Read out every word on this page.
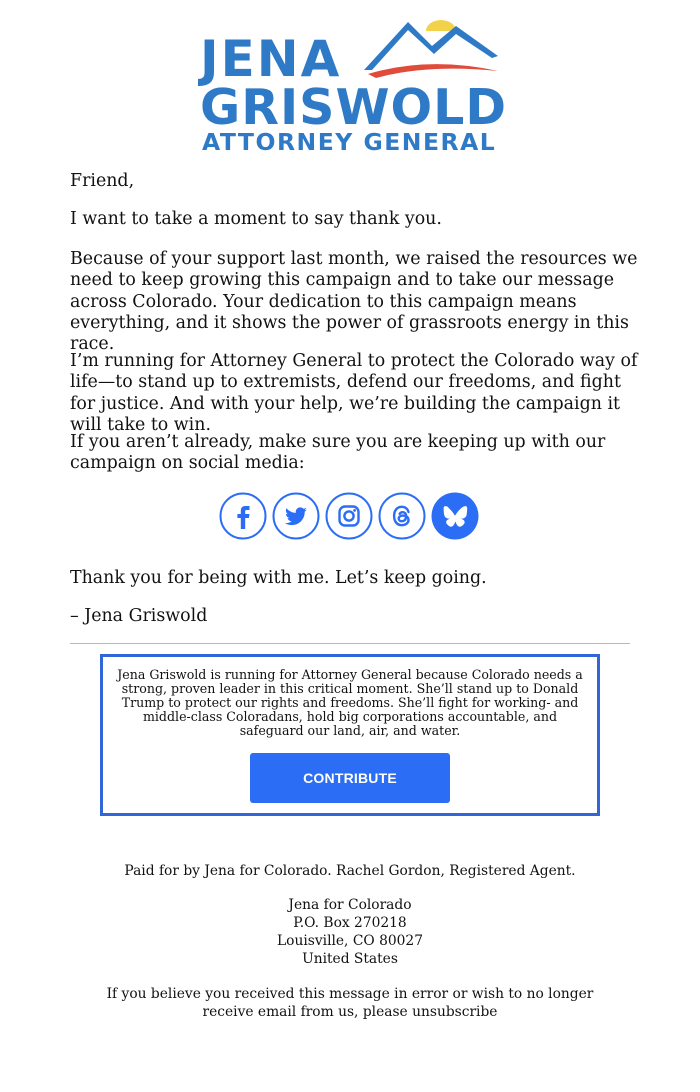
JENA
GRISWOLD
ATTORNEY GENERAL

Friend,

I want to take a moment to say thank you.

Because of your support last month, we raised the resources we need to keep growing this campaign and to take our message across Colorado. Your dedication to this campaign means everything, and it shows the power of grassroots energy in this race.

I’m running for Attorney General to protect the Colorado way of life—to stand up to extremists, defend our freedoms, and fight for justice. And with your help, we’re building the campaign it will take to win.

If you aren’t already, make sure you are keeping up with our campaign on social media:

Thank you for being with me. Let’s keep going.

– Jena Griswold

Jena Griswold is running for Attorney General because Colorado needs a strong, proven leader in this critical moment. She’ll stand up to Donald Trump to protect our rights and freedoms. She’ll fight for working- and middle-class Coloradans, hold big corporations accountable, and safeguard our land, air, and water.

CONTRIBUTE

Paid for by Jena for Colorado. Rachel Gordon, Registered Agent.

Jena for Colorado

P.O. Box 270218

Louisville, CO 80027

United States

If you believe you received this message in error or wish to no longer receive email from us, please unsubscribe
